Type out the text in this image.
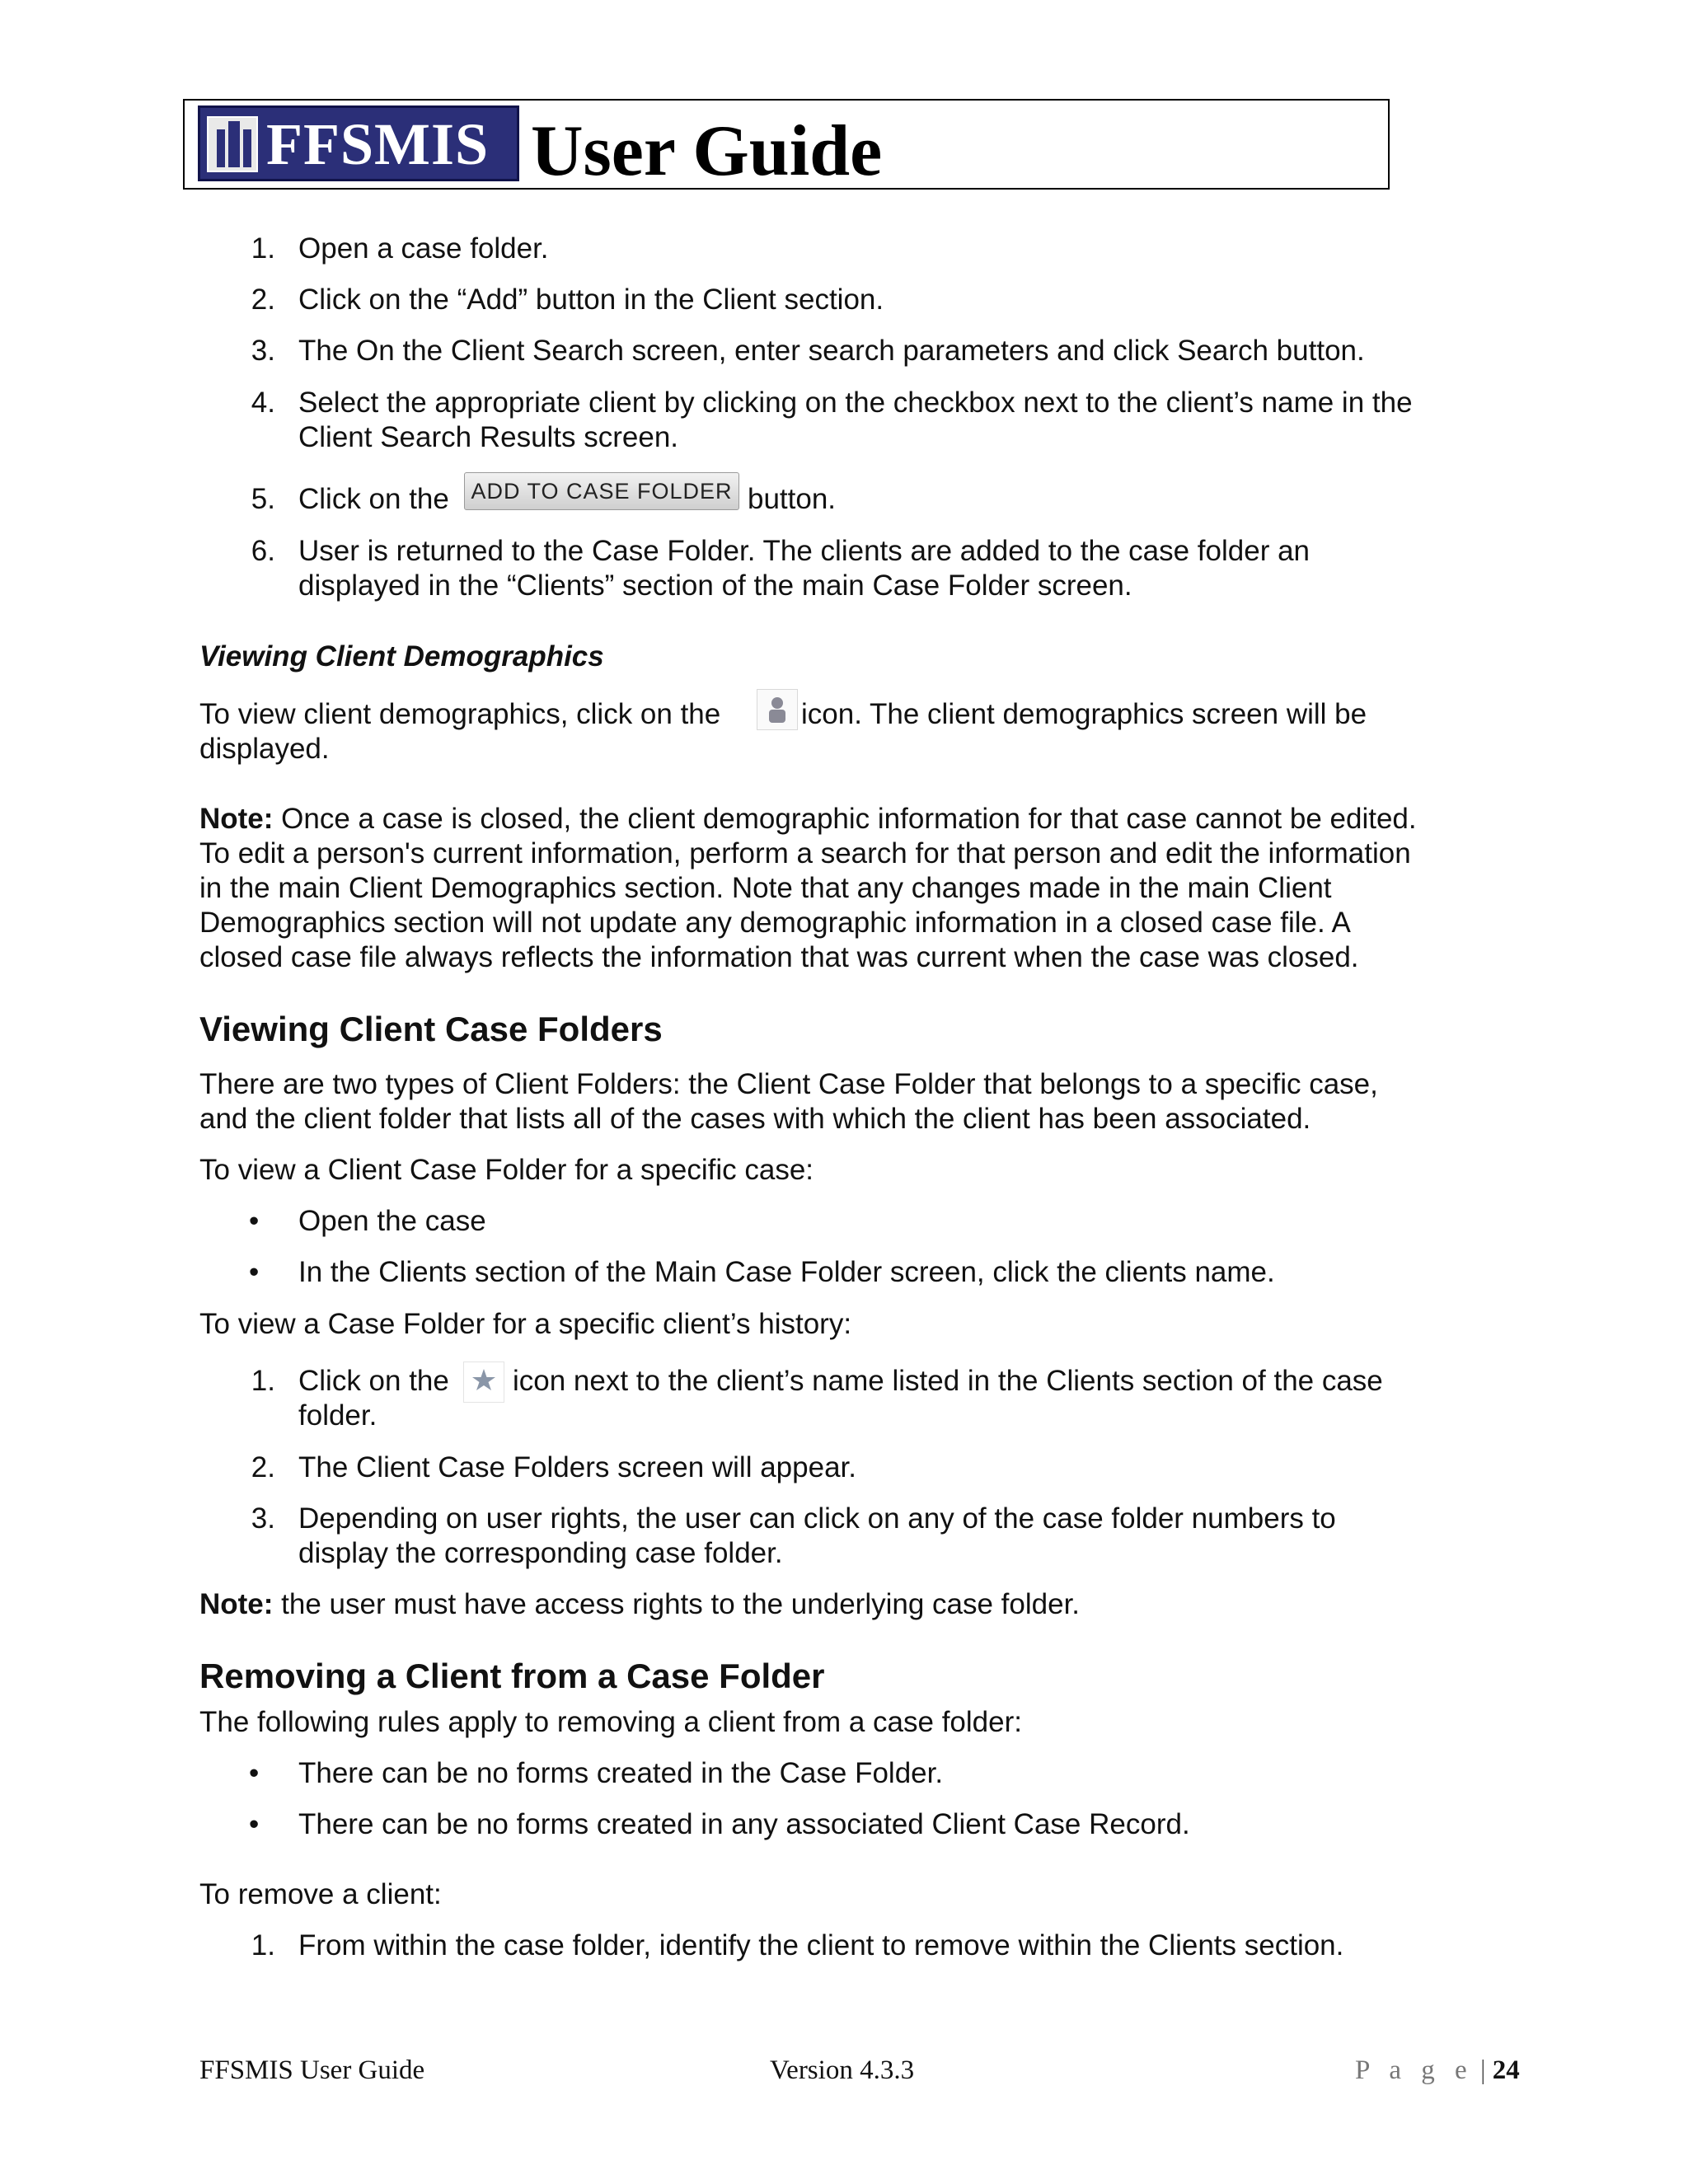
FFSMIS User Guide
1. Open a case folder.
2. Click on the “Add” button in the Client section.
3. The On the Client Search screen, enter search parameters and click Search button.
4. Select the appropriate client by clicking on the checkbox next to the client’s name in the
Client Search Results screen.
5. Click on the ADD TO CASE FOLDER button.
6. User is returned to the Case Folder. The clients are added to the case folder an
displayed in the “Clients” section of the main Case Folder screen.
Viewing Client Demographics
To view client demographics, click on the	icon. The client demographics screen will be
displayed.
Note: Once a case is closed, the client demographic information for that case cannot be edited.
To edit a person's current information, perform a search for that person and edit the information
in the main Client Demographics section. Note that any changes made in the main Client
Demographics section will not update any demographic information in a closed case file. A
closed case file always reflects the information that was current when the case was closed.
Viewing Client Case Folders
There are two types of Client Folders: the Client Case Folder that belongs to a specific case,
and the client folder that lists all of the cases with which the client has been associated.
To view a Client Case Folder for a specific case:
• Open the case
• In the Clients section of the Main Case Folder screen, click the clients name.
To view a Case Folder for a specific client’s history:
1. Click on the icon next to the client’s name listed in the Clients section of the case
folder.
2. The Client Case Folders screen will appear.
3. Depending on user rights, the user can click on any of the case folder numbers to
display the corresponding case folder.
Note: the user must have access rights to the underlying case folder.
Removing a Client from a Case Folder
The following rules apply to removing a client from a case folder:
• There can be no forms created in the Case Folder.
• There can be no forms created in any associated Client Case Record.
To remove a client:
1. From within the case folder, identify the client to remove within the Clients section.
FFSMIS User Guide	Version 4.3.3	P a g e | 24
